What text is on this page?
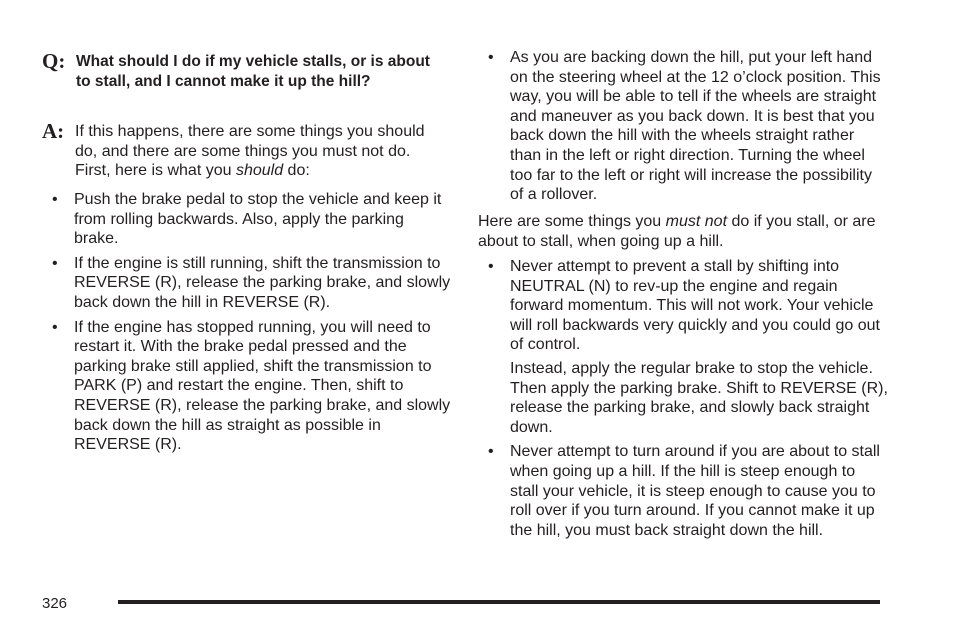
Q: What should I do if my vehicle stalls, or is about to stall, and I cannot make it up the hill?
A: If this happens, there are some things you should do, and there are some things you must not do. First, here is what you should do:
• Push the brake pedal to stop the vehicle and keep it from rolling backwards. Also, apply the parking brake.
• If the engine is still running, shift the transmission to REVERSE (R), release the parking brake, and slowly back down the hill in REVERSE (R).
• If the engine has stopped running, you will need to restart it. With the brake pedal pressed and the parking brake still applied, shift the transmission to PARK (P) and restart the engine. Then, shift to REVERSE (R), release the parking brake, and slowly back down the hill as straight as possible in REVERSE (R).
• As you are backing down the hill, put your left hand on the steering wheel at the 12 o’clock position. This way, you will be able to tell if the wheels are straight and maneuver as you back down. It is best that you back down the hill with the wheels straight rather than in the left or right direction. Turning the wheel too far to the left or right will increase the possibility of a rollover.

Here are some things you must not do if you stall, or are about to stall, when going up a hill.

• Never attempt to prevent a stall by shifting into NEUTRAL (N) to rev-up the engine and regain forward momentum. This will not work. Your vehicle will roll backwards very quickly and you could go out of control.
Instead, apply the regular brake to stop the vehicle. Then apply the parking brake. Shift to REVERSE (R), release the parking brake, and slowly back straight down.
• Never attempt to turn around if you are about to stall when going up a hill. If the hill is steep enough to stall your vehicle, it is steep enough to cause you to roll over if you turn around. If you cannot make it up the hill, you must back straight down the hill.
326
